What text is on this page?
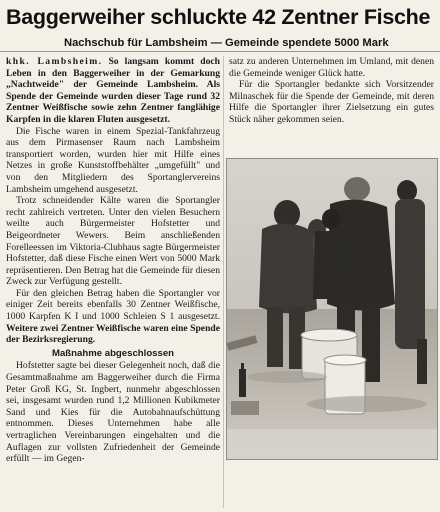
Baggerweiher schluckte 42 Zentner Fische
Nachschub für Lambsheim — Gemeinde spendete 5000 Mark

khk. Lambsheim. So langsam kommt doch Leben in den Baggerweiher in der Gemarkung „Nachtweide" der Gemeinde Lambsheim. Als Spende der Gemeinde wurden dieser Tage rund 32 Zentner Weißfische sowie zehn Zentner fanglähige Karpfen in die klaren Fluten ausgesetzt.

Die Fische waren in einem Spezial-Tankfahrzeug aus dem Pirmasenser Raum nach Lambsheim transportiert worden, wurden hier mit Hilfe eines Netzes in große Kunststoffbehälter „umgefüllt" und von den Mitgliedern des Sportanglervereins Lambsheim umgehend ausgesetzt.

Trotz schneidender Kälte waren die Sportangler recht zahlreich vertreten. Unter den vielen Besuchern weilte auch Bürgermeister Hofstetter und Beigeordneter Wewers. Beim anschließenden Forelleessen im Viktoria-Clubhaus sagte Bürgermeister Hofstetter, daß diese Fische einen Wert von 5000 Mark repräsentieren. Den Betrag hat die Gemeinde für diesen Zweck zur Verfügung gestellt.

Für den gleichen Betrag haben die Sportangler vor einiger Zeit bereits ebenfalls 30 Zentner Weißfische, 1000 Karpfen K I und 1000 Schleien S 1 ausgesetzt. Weitere zwei Zentner Weißfische waren eine Spende der Bezirksregierung.

Maßnahme abgeschlossen

Hofstetter sagte bei dieser Gelegenheit noch, daß die Gesamtmaßnahme am Baggerweiher durch die Firma Peter Groß KG, St. Ingbert, nunmehr abgeschlossen sei, insgesamt wurden rund 1,2 Millionen Kubikmeter Sand und Kies für die Autobahnaufschüttung entnommen. Dieses Unternehmen habe alle vertraglichen Vereinbarungen eingehalten und die Auflagen zur vollsten Zufriedenheit der Gemeinde erfüllt — im Gegen-

satz zu anderen Unternehmen im Umland, mit denen die Gemeinde weniger Glück hatte.

Für die Sportangler bedankte sich Vorsitzender Milnaschek für die Spende der Gemeinde, mit deren Hilfe die Sportangler ihrer Zielsetzung ein gutes Stück näher gekommen seien.
